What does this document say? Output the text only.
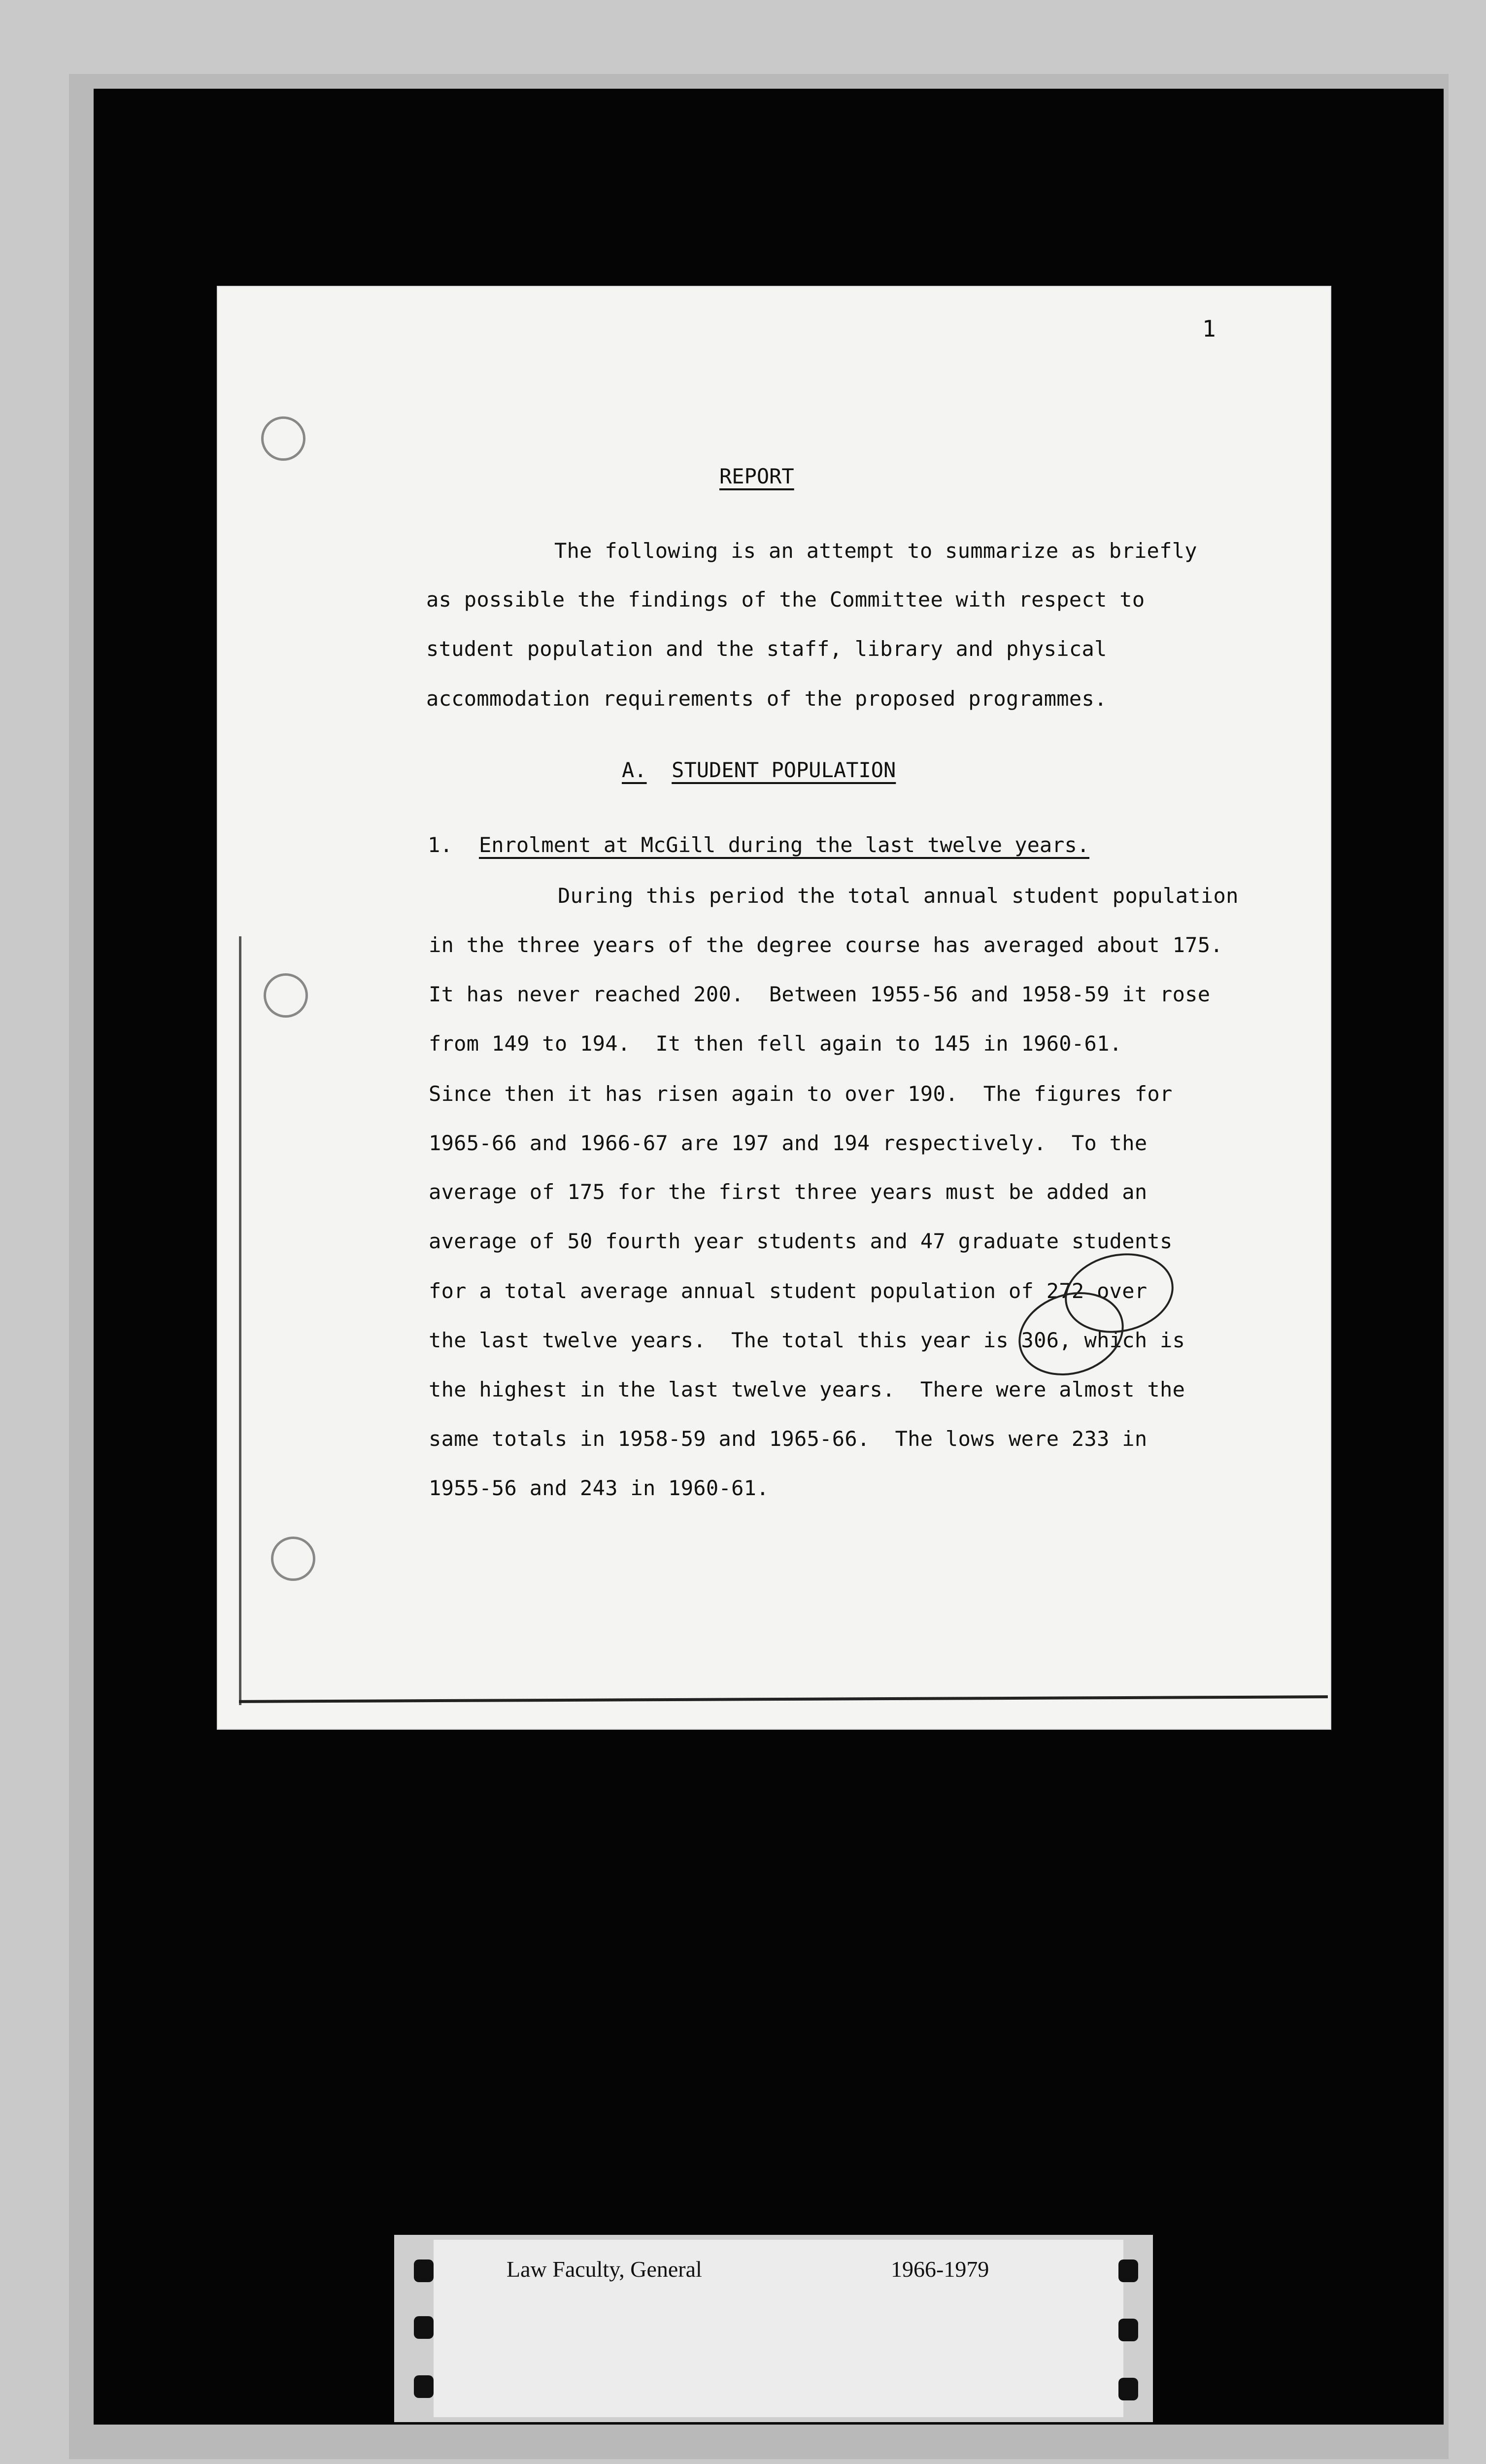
1
REPORT
The following is an attempt to summarize as briefly
as possible the findings of the Committee with respect to
student population and the staff, library and physical
accommodation requirements of the proposed programmes.
A. STUDENT POPULATION
1. Enrolment at McGill during the last twelve years.
During this period the total annual student population
in the three years of the degree course has averaged about 175.
It has never reached 200.  Between 1955-56 and 1958-59 it rose
from 149 to 194.  It then fell again to 145 in 1960-61.
Since then it has risen again to over 190.  The figures for
1965-66 and 1966-67 are 197 and 194 respectively.  To the
average of 175 for the first three years must be added an
average of 50 fourth year students and 47 graduate students
for a total average annual student population of 272 over
the last twelve years.  The total this year is 306, which is
the highest in the last twelve years.  There were almost the
same totals in 1958-59 and 1965-66.  The lows were 233 in
1955-56 and 243 in 1960-61.
Law Faculty, General	1966-1979
